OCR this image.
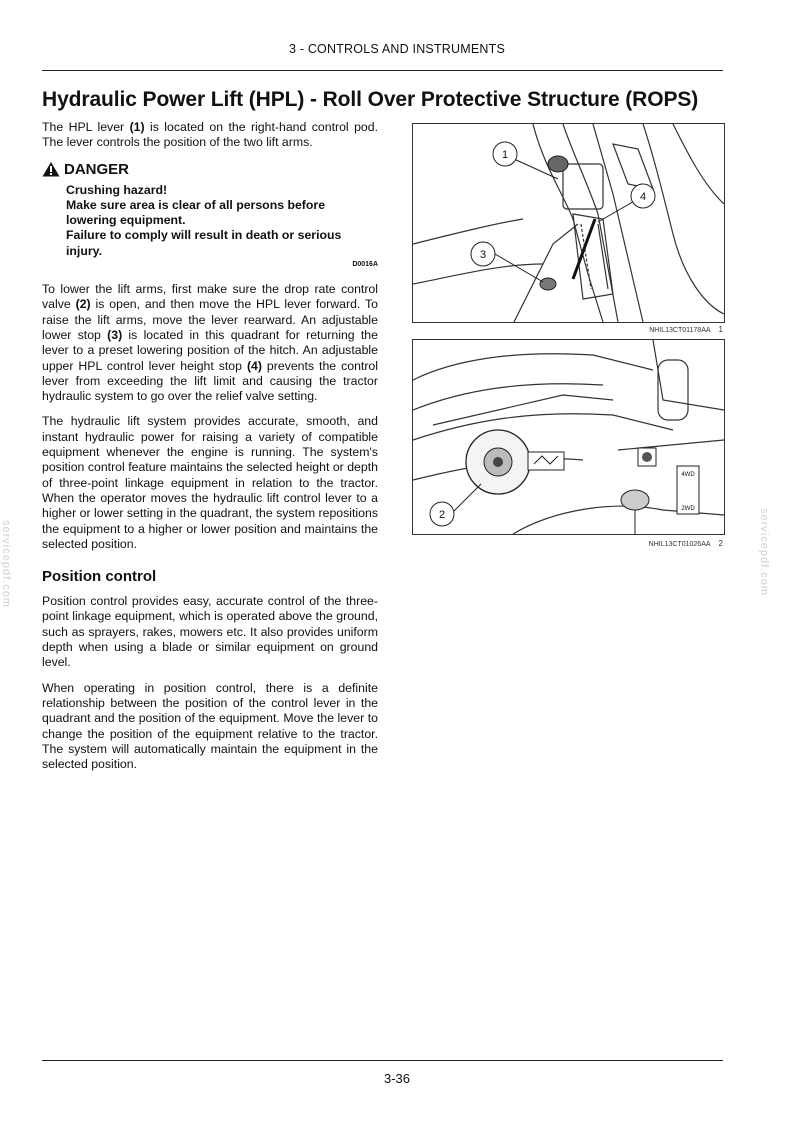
3 - CONTROLS AND INSTRUMENTS
Hydraulic Power Lift (HPL) - Roll Over Protective Structure (ROPS)

The HPL lever (1) is located on the right-hand control pod. The lever controls the position of the two lift arms.

DANGER
Crushing hazard!
Make sure area is clear of all persons before lowering equipment.
Failure to comply will result in death or serious injury.
D0016A

To lower the lift arms, first make sure the drop rate control valve (2) is open, and then move the HPL lever forward. To raise the lift arms, move the lever rearward. An adjustable lower stop (3) is located in this quadrant for returning the lever to a preset lowering position of the hitch. An adjustable upper HPL control lever height stop (4) prevents the control lever from exceeding the lift limit and causing the tractor hydraulic system to go over the relief valve setting.

The hydraulic lift system provides accurate, smooth, and instant hydraulic power for raising a variety of compatible equipment whenever the engine is running. The system's position control feature maintains the selected height or depth of three-point linkage equipment in relation to the tractor. When the operator moves the hydraulic lift control lever to a higher or lower setting in the quadrant, the system repositions the equipment to a higher or lower position and maintains the selected position.

Position control

Position control provides easy, accurate control of the three-point linkage equipment, which is operated above the ground, such as sprayers, rakes, mowers etc. It also provides uniform depth when using a blade or similar equipment on ground level.

When operating in position control, there is a definite relationship between the position of the control lever in the quadrant and the position of the equipment. Move the lever to change the position of the equipment relative to the tractor. The system will automatically maintain the equipment in the selected position.

1
4
3
NHIL13CT01178AA 1
4WD
2WD
2
NHIL13CT01026AA 2
servicepdf.com	servicepdf.com
3-36
